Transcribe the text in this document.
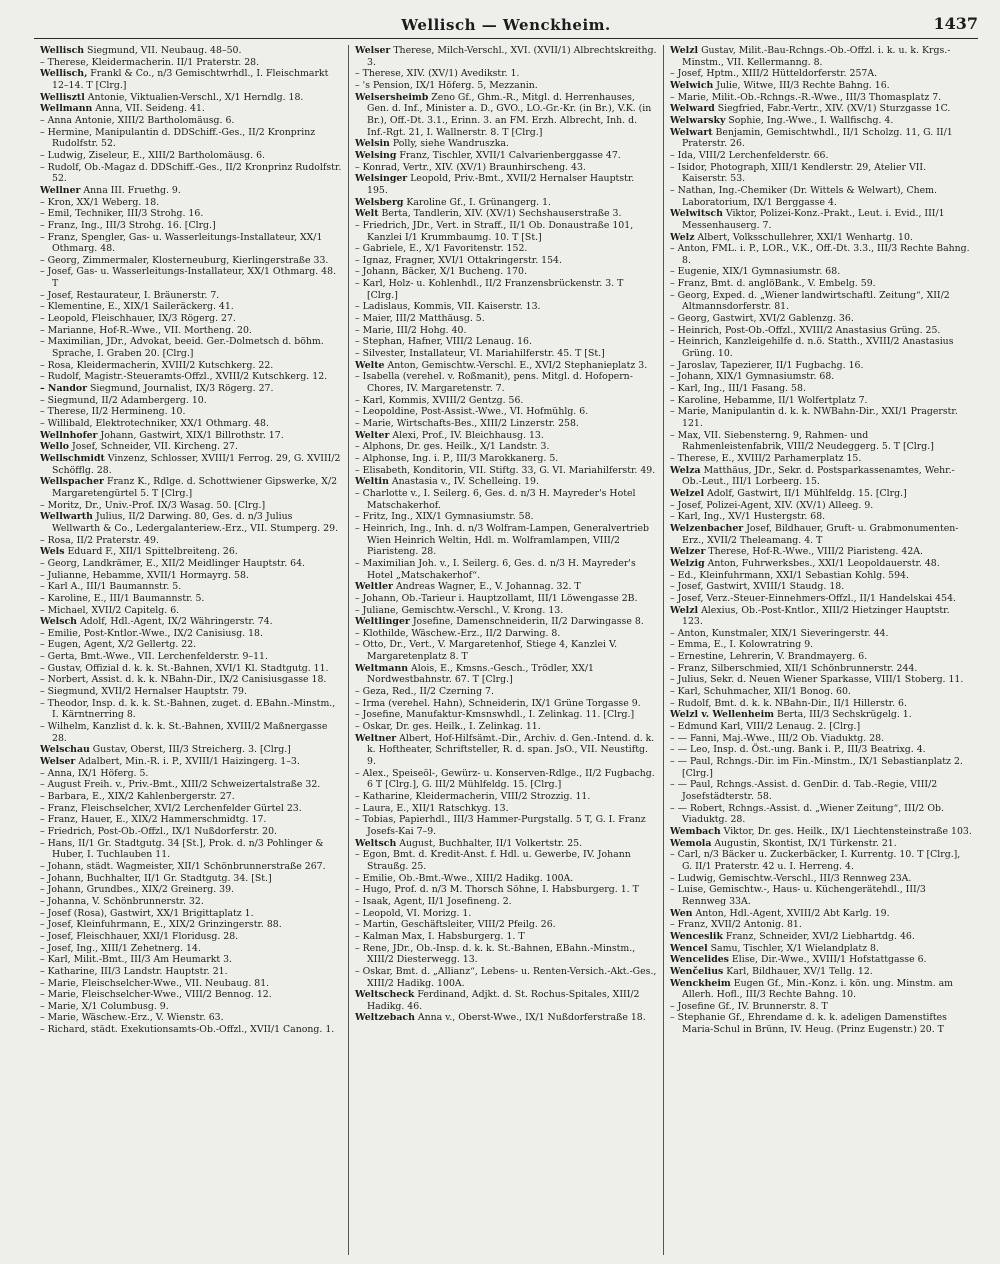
Wellisch — Wenckheim.	1437
Wellisch Siegmund, VII. Neubaug. 48–50.
– Therese, Kleidermacherin. II/1 Praterstr. 28.
Wellisch, Frankl & Co., n/3 Gemischtwrhdl., I. Fleischmarkt 12–14. T [Clrg.]
Wellisztl Antonie, Viktualien-Verschl., X/1 Herndlg. 18.
Wellmann Anna, VII. Seideng. 41.
– Anna Antonie, XIII/2 Bartholomäusg. 6.
– Hermine, Manipulantin d. DDSchiff.-Ges., II/2 Kronprinz Rudolfstr. 52.
– Ludwig, Ziseleur, E., XIII/2 Bartholomäusg. 6.
– Rudolf, Ob.-Magaz d. DDSchiff.-Ges., II/2 Kronprinz Rudolfstr. 52.
Wellner Anna III. Fruethg. 9.
– Kron, XX/1 Weberg. 18.
– Emil, Techniker, III/3 Strohg. 16.
– Franz, Ing., III/3 Strohg. 16. [Clrg.]
– Franz, Spengler, Gas- u. Wasserleitungs-Installateur, XX/1 Othmarg. 48.
– Georg, Zimmermaler, Klosterneuburg, Kierlingerstraße 33.
– Josef, Gas- u. Wasserleitungs-Installateur, XX/1 Othmarg. 48. T
– Josef, Restaurateur, I. Bräunerstr. 7.
– Klementine, E., XIX/1 Saileräckerg. 41.
– Leopold, Fleischhauer, IX/3 Rögerg. 27.
– Marianne, Hof-R.-Wwe., VII. Mortheng. 20.
– Maximilian, JDr., Advokat, beeid. Ger.-Dolmetsch d. böhm. Sprache, I. Graben 20. [Clrg.]
– Rosa, Kleidermacherin, XVIII/2 Kutschkerg. 22.
– Rudolf, Magistr.-Steueramts-Offzl., XVIII/2 Kutschkerg. 12.
– Nandor Siegmund, Journalist, IX/3 Rögerg. 27.
– Siegmund, II/2 Adambergerg. 10.
– Therese, II/2 Hermineng. 10.
– Willibald, Elektrotechniker, XX/1 Othmarg. 48.
Wellnhofer Johann, Gastwirt, XIX/1 Billrothstr. 17.
Wello Josef, Schneider, VII. Kircheng. 27.
Wellschmidt Vinzenz, Schlosser, XVIII/1 Ferrog. 29, G. XVIII/2 Schöfflg. 28.
Wellspacher Franz K., Rdlge. d. Schottwiener Gipswerke, X/2 Margaretengürtel 5. T [Clrg.]
– Moritz, Dr., Univ.-Prof. IX/3 Wasag. 50. [Clrg.]
Wellwarth Julius, II/2 Darwing. 80, Ges. d. n/3 Julius Wellwarth & Co., Ledergalanteriew.-Erz., VII. Stumperg. 29.
– Rosa, II/2 Praterstr. 49.
Wels Eduard F., XII/1 Spittelbreiteng. 26.
– Georg, Landkrämer, E., XII/2 Meidlinger Hauptstr. 64.
– Julianne, Hebamme, XVII/1 Hormayrg. 58.
– Karl A., III/1 Baumannstr. 5.
– Karoline, E., III/1 Baumannstr. 5.
– Michael, XVII/2 Capitelg. 6.
Welsch Adolf, Hdl.-Agent, IX/2 Währingerstr. 74.
– Emilie, Post-Kntlor.-Wwe., IX/2 Canisiusg. 18.
– Eugen, Agent, X/2 Gellertg. 22.
– Gerta, Bmt.-Wwe., VII. Lerchenfelderstr. 9–11.
– Gustav, Offizial d. k. k. St.-Bahnen, XVI/1 Kl. Stadtgutg. 11.
– Norbert, Assist. d. k. k. NBahn-Dir., IX/2 Canisiusgasse 18.
– Siegmund, XVII/2 Hernalser Hauptstr. 79.
– Theodor, Insp. d. k. k. St.-Bahnen, zuget. d. EBahn.-Minstm., I. Kärntnerring 8.
– Wilhelm, Kanzlist d. k. k. St.-Bahnen, XVIII/2 Maßnergasse 28.
Welschau Gustav, Oberst, III/3 Streicherg. 3. [Clrg.]
Welser Adalbert, Min.-R. i. P., XVIII/1 Haizingerg. 1–3.
– Anna, IX/1 Höferg. 5.
– August Freih. v., Priv.-Bmt., XIII/2 Schweizertalstraße 32.
– Barbara, E., XIX/2 Kahlenbergerstr. 27.
– Franz, Fleischselcher, XVI/2 Lerchenfelder Gürtel 23.
– Franz, Hauer, E., XIX/2 Hammerschmidtg. 17.
– Friedrich, Post-Ob.-Offzl., IX/1 Nußdorferstr. 20.
– Hans, II/1 Gr. Stadtgutg. 34 [St.], Prok. d. n/3 Pohlinger & Huber, I. Tuchlauben 11.
– Johann, städt. Wagmeister, XII/1 Schönbrunnerstraße 267.
– Johann, Buchhalter, II/1 Gr. Stadtgutg. 34. [St.]
– Johann, Grundbes., XIX/2 Greinerg. 39.
– Johanna, V. Schönbrunnerstr. 32.
– Josef (Rosa), Gastwirt, XX/1 Brigittaplatz 1.
– Josef, Kleinfuhrmann, E., XIX/2 Grinzingerstr. 88.
– Josef, Fleischhauer, XXI/1 Floridusg. 28.
– Josef, Ing., XIII/1 Zehetnerg. 14.
– Karl, Milit.-Bmt., III/3 Am Heumarkt 3.
– Katharine, III/3 Landstr. Hauptstr. 21.
– Marie, Fleischselcher-Wwe., VII. Neubaug. 81.
– Marie, Fleischselcher-Wwe., VIII/2 Bennog. 12.
– Marie, X/1 Columbusg. 9.
– Marie, Wäschew.-Erz., V. Wienstr. 63.
– Richard, städt. Exekutionsamts-Ob.-Offzl., XVII/1 Canong. 1.
Welser Therese, Milch-Verschl., XVI. (XVII/1) Albrechtskreithg. 3.
– Therese, XIV. (XV/1) Avedikstr. 1.
– 's Pension, IX/1 Höferg. 5, Mezzanin.
Welsersheimb Zeno Gf., Ghm.-R., Mitgl. d. Herrenhauses, Gen. d. Inf., Minister a. D., GVO., LO.-Gr.-Kr. (in Br.), V.K. (in Br.), Off.-Dt. 3.1., Erinn. 3. an FM. Erzh. Albrecht, Inh. d. Inf.-Rgt. 21, I. Wallnerstr. 8. T [Clrg.]
Welsin Polly, siehe Wandruszka.
Welsing Franz, Tischler, XVII/1 Calvarienberggasse 47.
– Konrad, Vertr., XIV. (XV/1) Braunhirscheng. 43.
Welsinger Leopold, Priv.-Bmt., XVII/2 Hernalser Hauptstr. 195.
Welsberg Karoline Gf., I. Grünangerg. 1.
Welt Berta, Tandlerin, XIV. (XV/1) Sechshauserstraße 3.
– Friedrich, JDr., Vert. in Straff., II/1 Ob. Donaustraße 101, Kanzlei I/1 Krummbaumg. 10. T [St.]
– Gabriele, E., X/1 Favoritenstr. 152.
– Ignaz, Fragner, XVI/1 Ottakringerstr. 154.
– Johann, Bäcker, X/1 Bucheng. 170.
– Karl, Holz- u. Kohlenhdl., II/2 Franzensbrückenstr. 3. T [Clrg.]
– Ladislaus, Kommis, VII. Kaiserstr. 13.
– Maier, III/2 Matthäusg. 5.
– Marie, III/2 Hohg. 40.
– Stephan, Hafner, VIII/2 Lenaug. 16.
– Silvester, Installateur, VI. Mariahilferstr. 45. T [St.]
Welte Anton, Gemischtw.-Verschl. E., XVI/2 Stephanieplatz 3.
– Isabella (verehel. v. Roßmanit), pens. Mitgl. d. Hofopern-Chores, IV. Margaretenstr. 7.
– Karl, Kommis, XVIII/2 Gentzg. 56.
– Leopoldine, Post-Assist.-Wwe., VI. Hofmühlg. 6.
– Marie, Wirtschafts-Bes., XIII/2 Linzerstr. 258.
Welter Alexi, Prof., IV. Bleichhausg. 13.
– Alphons, Dr. ges. Heilk., X/1 Landstr. 3.
– Alphonse, Ing. i. P., III/3 Marokkanerg. 5.
– Elisabeth, Konditorin, VII. Stiftg. 33, G. VI. Mariahilferstr. 49.
Weltin Anastasia v., IV. Schelleing. 19.
– Charlotte v., I. Seilerg. 6, Ges. d. n/3 H. Mayreder's Hotel Matschakerhof.
– Fritz, Ing., XIX/1 Gymnasiumstr. 58.
– Heinrich, Ing., Inh. d. n/3 Wolfram-Lampen, Generalvertrieb Wien Heinrich Weltin, Hdl. m. Wolframlampen, VIII/2 Piaristeng. 28.
– Maximilian Joh. v., I. Seilerg. 6, Ges. d. n/3 H. Mayreder's Hotel „Matschakerhof“.
Weltler Andreas Wagner, E., V. Johannag. 32. T
– Johann, Ob.-Tarieur i. Hauptzollamt, III/1 Löwengasse 2B.
– Juliane, Gemischtw.-Verschl., V. Krong. 13.
Weltlinger Josefine, Damenschneiderin, II/2 Darwingasse 8.
– Klothilde, Wäschew.-Erz., II/2 Darwing. 8.
– Otto, Dr., Vert., V. Margaretenhof, Stiege 4, Kanzlei V. Margaretenplatz 8. T
Weltmann Alois, E., Kmsns.-Gesch., Trödler, XX/1 Nordwestbahnstr. 67. T [Clrg.]
– Geza, Red., II/2 Czerning 7.
– Irma (verehel. Hahn), Schneiderin, IX/1 Grüne Torgasse 9.
– Josefine, Manufaktur-Kmsnswhdl., I. Zelinkag. 11. [Clrg.]
– Oskar, Dr. ges. Heilk., I. Zelinkag. 11.
Weltner Albert, Hof-Hilfsämt.-Dir., Archiv. d. Gen.-Intend. d. k. k. Hoftheater, Schriftsteller, R. d. span. JsO., VII. Neustiftg. 9.
– Alex., Speiseöl-, Gewürz- u. Konserven-Rdlge., II/2 Fugbachg. 6 T [Clrg.], G. III/2 Mühlfeldg. 15. [Clrg.]
– Katharine, Kleidermacherin, VIII/2 Strozzig. 11.
– Laura, E., XII/1 Ratschkyg. 13.
– Tobias, Papierhdl., III/3 Hammer-Purgstallg. 5 T, G. I. Franz Josefs-Kai 7–9.
Weltsch August, Buchhalter, II/1 Volkertstr. 25.
– Egon, Bmt. d. Kredit-Anst. f. Hdl. u. Gewerbe, IV. Johann Straußg. 25.
– Emilie, Ob.-Bmt.-Wwe., XIII/2 Hadikg. 100A.
– Hugo, Prof. d. n/3 M. Thorsch Söhne, I. Habsburgerg. 1. T
– Isaak, Agent, II/1 Josefineng. 2.
– Leopold, VI. Morizg. 1.
– Martin, Geschäftsleiter, VIII/2 Pfeilg. 26.
– Kalman Max, I. Habsburgerg. 1. T
– Rene, JDr., Ob.-Insp. d. k. k. St.-Bahnen, EBahn.-Minstm., XIII/2 Diesterwegg. 13.
– Oskar, Bmt. d. „Allianz“, Lebens- u. Renten-Versich.-Akt.-Ges., XIII/2 Hadikg. 100A.
Weltscheck Ferdinand, Adjkt. d. St. Rochus-Spitales, XIII/2 Hadikg. 46.
Weltzebach Anna v., Oberst-Wwe., IX/1 Nußdorferstraße 18.
Welzl Gustav, Milit.-Bau-Rchngs.-Ob.-Offzl. i. k. u. k. Krgs.-Minstm., VII. Kellermanng. 8.
– Josef, Hptm., XIII/2 Hütteldorferstr. 257A.
Welwich Julie, Witwe, III/3 Rechte Bahng. 16.
– Marie, Milit.-Ob.-Rchngs.-R.-Wwe., III/3 Thomasplatz 7.
Welward Siegfried, Fabr.-Vertr., XIV. (XV/1) Sturzgasse 1C.
Welwarsky Sophie, Ing.-Wwe., I. Wallfischg. 4.
Welwart Benjamin, Gemischtwhdl., II/1 Scholzg. 11, G. II/1 Praterstr. 26.
– Ida, VIII/2 Lerchenfelderstr. 66.
– Isidor, Photograph, XIII/1 Kendlerstr. 29, Atelier VII. Kaiserstr. 53.
– Nathan, Ing.-Chemiker (Dr. Wittels & Welwart), Chem. Laboratorium, IX/1 Berggasse 4.
Welwitsch Viktor, Polizei-Konz.-Prakt., Leut. i. Evid., III/1 Messenhauserg. 7.
Welz Albert, Volksschullehrer, XXI/1 Wenhartg. 10.
– Anton, FML. i. P., LOR., V.K., Off.-Dt. 3.3., III/3 Rechte Bahng. 8.
– Eugenie, XIX/1 Gymnasiumstr. 68.
– Franz, Bmt. d. anglöBank., V. Embelg. 59.
– Georg, Exped. d. „Wiener landwirtschaftl. Zeitung“, XII/2 Altmannsdorferstr. 81.
– Georg, Gastwirt, XVI/2 Gablenzg. 36.
– Heinrich, Post-Ob.-Offzl., XVIII/2 Anastasius Grüng. 25.
– Heinrich, Kanzleigehilfe d. n.ö. Statth., XVIII/2 Anastasius Grüng. 10.
– Jaroslav, Tapezierer, II/1 Fugbachg. 16.
– Johann, XIX/1 Gymnasiumstr. 68.
– Karl, Ing., III/1 Fasang. 58.
– Karoline, Hebamme, II/1 Wolfertplatz 7.
– Marie, Manipulantin d. k. k. NWBahn-Dir., XXI/1 Pragerstr. 121.
– Max, VII. Siebensterng. 9, Rahmen- und Rahmenleistenfabrik, VIII/2 Neudeggerg. 5. T [Clrg.]
– Therese, E., XVIII/2 Parhamerplatz 15.
Welza Matthäus, JDr., Sekr. d. Postsparkassenamtes, Wehr.-Ob.-Leut., III/1 Lorbeerg. 15.
Welzel Adolf, Gastwirt, II/1 Mühlfeldg. 15. [Clrg.]
– Josef, Polizei-Agent, XIV. (XV/1) Alleeg. 9.
– Karl, Ing., XV/1 Hustergstr. 68.
Welzenbacher Josef, Bildhauer, Gruft- u. Grabmonumenten-Erz., XVII/2 Theleamang. 4. T
Welzer Therese, Hof-R.-Wwe., VIII/2 Piaristeng. 42A.
Welzig Anton, Fuhrwerksbes., XXI/1 Leopoldauerstr. 48.
– Ed., Kleinfuhrmann, XXI/1 Sebastian Kohlg. 594.
– Josef, Gastwirt, XVIII/1 Staudg. 18.
– Josef, Verz.-Steuer-Einnehmers-Offzl., II/1 Handelskai 454.
Welzl Alexius, Ob.-Post-Kntlor., XIII/2 Hietzinger Hauptstr. 123.
– Anton, Kunstmaler, XIX/1 Sieveringerstr. 44.
– Emma, E., I. Kolowratring 9.
– Ernestine, Lehrerin, V. Brandmayerg. 6.
– Franz, Silberschmied, XII/1 Schönbrunnerstr. 244.
– Julius, Sekr. d. Neuen Wiener Sparkasse, VIII/1 Stoberg. 11.
– Karl, Schuhmacher, XII/1 Bonog. 60.
– Rudolf, Bmt. d. k. k. NBahn-Dir., II/1 Hillerstr. 6.
Welzl v. Wellenheim Berta, III/3 Sechskrügelg. 1.
– Edmund Karl, VIII/2 Lenaug. 2. [Clrg.]
– — Fanni, Maj.-Wwe., III/2 Ob. Viaduktg. 28.
– — Leo, Insp. d. Öst.-ung. Bank i. P., III/3 Beatrixg. 4.
– — Paul, Rchngs.-Dir. im Fin.-Minstm., IX/1 Sebastianplatz 2. [Clrg.]
– — Paul, Rchngs.-Assist. d. GenDir. d. Tab.-Regie, VIII/2 Josefstädterstr. 58.
– — Robert, Rchngs.-Assist. d. „Wiener Zeitung“, III/2 Ob. Viaduktg. 28.
Wembach Viktor, Dr. ges. Heilk., IX/1 Liechtensteinstraße 103.
Wemola Augustin, Skontist, IX/1 Türkenstr. 21.
– Carl, n/3 Bäcker u. Zuckerbäcker, I. Kurrentg. 10. T [Clrg.], G. II/1 Praterstr. 42 u. I. Herreng. 4.
– Ludwig, Gemischtw.-Verschl., III/3 Rennweg 23A.
– Luise, Gemischtw.-, Haus- u. Küchengerätehdl., III/3 Rennweg 33A.
Wen Anton, Hdl.-Agent, XVIII/2 Abt Karlg. 19.
– Franz, XVII/2 Antonig. 81.
Wenceslik Franz, Schneider, XVI/2 Liebhartdg. 46.
Wencel Samu, Tischler, X/1 Wielandplatz 8.
Wencelides Elise, Dir.-Wwe., XVIII/1 Hofstattgasse 6.
Wenčelius Karl, Bildhauer, XV/1 Tellg. 12.
Wenckheim Eugen Gf., Min.-Konz. i. kön. ung. Minstm. am Allerh. Hofl., III/3 Rechte Bahng. 10.
– Josefine Gf., IV. Brunnerstr. 8. T
– Stephanie Gf., Ehrendame d. k. k. adeligen Damenstiftes Maria-Schul in Brünn, IV. Heug. (Prinz Eugenstr.) 20. T
